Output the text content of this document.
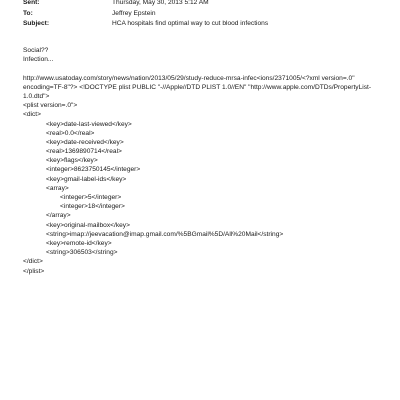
Sent:	Thursday, May 30, 2013 5:12 AM
To:	Jeffrey Epstein
Subject:	HCA hospitals find optimal way to cut blood infections
Social??
Infection...
http://www.usatoday.com/story/news/nation/2013/05/29/study-reduce-mrsa-infec<ions/2371005/<?xml version=.0"
encoding=TF-8"?> <!DOCTYPE plist PUBLIC "-//Apple//DTD PLIST 1.0//EN" "http://www.apple.com/DTDs/PropertyList-
1.0.dtd">
<plist version=.0">
<dict>
<key>date-last-viewed</key>
<real>0.0</real>
<key>date-received</key>
<real>1369890714</real>
<key>flags</key>
<integer>8623750145</integer>
<key>gmail-label-ids</key>
<array>
<integer>5</integer>
<integer>18</integer>
</array>
<key>original-mailbox</key>
<string>imap://jeevacation@imap.gmail.com/%5BGmail%5D/All%20Mail</string>
<key>remote-id</key>
<string>306503</string>
</dict>
</plist>
